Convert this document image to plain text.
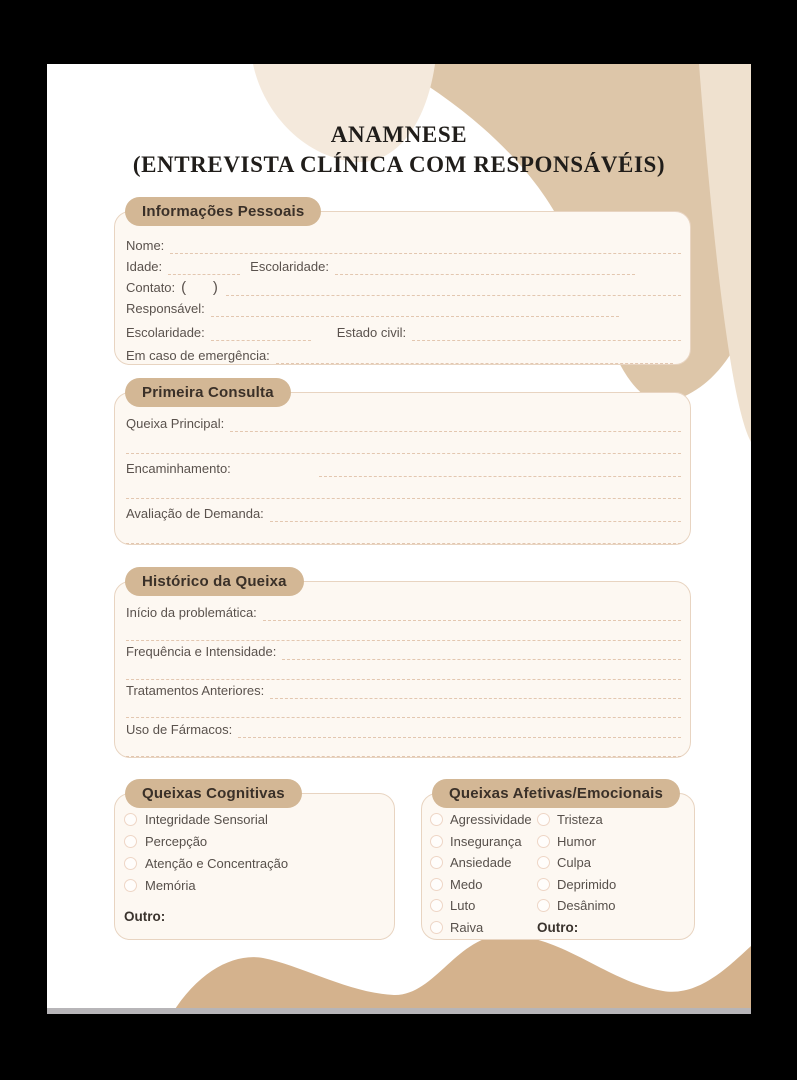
ANAMNESE
(ENTREVISTA CLÍNICA COM RESPONSÁVÉIS)
Informações Pessoais
Nome:
Idade:	Escolaridade:
Contato: (    )
Responsável:
Escolaridade:	Estado civil:
Em caso de emergência:
Primeira Consulta
Queixa Principal:
Encaminhamento:
Avaliação de Demanda:
Histórico da Queixa
Início da problemática:
Frequência e Intensidade:
Tratamentos Anteriores:
Uso de Fármacos:
Queixas Cognitivas
Integridade Sensorial
Percepção
Atenção e Concentração
Memória
Outro:
Queixas Afetivas/Emocionais
Agressividade
Insegurança
Ansiedade
Medo
Luto
Raiva
Tristeza
Humor
Culpa
Deprimido
Desânimo
Outro:
